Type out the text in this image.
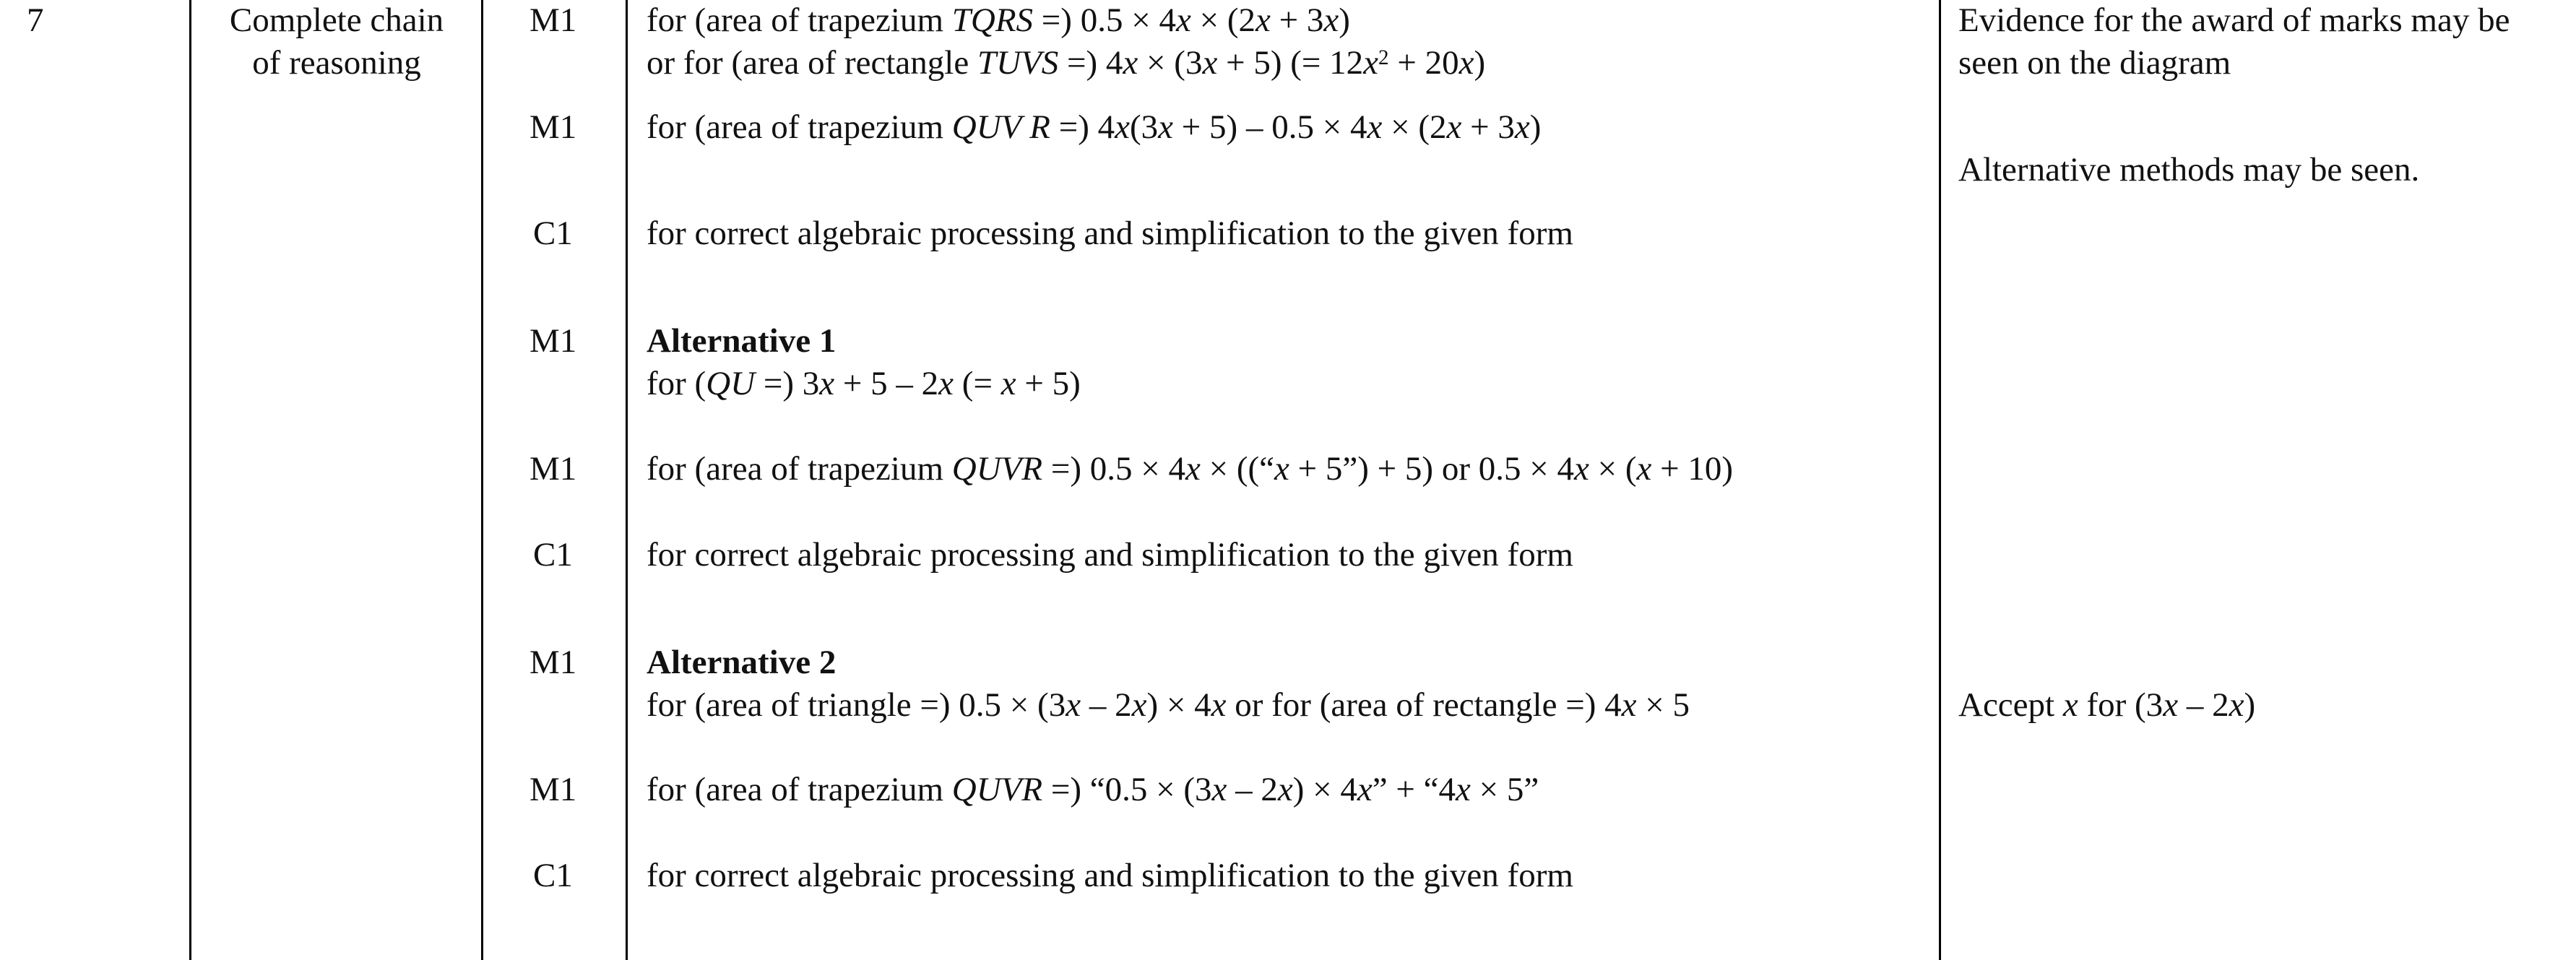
7	Complete chain
of reasoning
M1
M1
C1
M1
M1
C1
M1
M1
C1
for (area of trapezium TQRS =) 0.5 × 4x × (2x + 3x)
or for (area of rectangle TUVS =) 4x × (3x + 5) (= $12x^2 + 20x$)
for (area of trapezium QUV R =) 4x(3x + 5) – 0.5 × 4x × (2x + 3x)
for correct algebraic processing and simplification to the given form
Alternative 1
for (QU =) 3x + 5 – 2x (= x + 5)
for (area of trapezium QUVR =) 0.5 × 4x × ((“x + 5”) + 5) or 0.5 × 4x × (x + 10)
for correct algebraic processing and simplification to the given form
Alternative 2
for (area of triangle =) 0.5 × (3x – 2x) × 4x or for (area of rectangle =) 4x × 5
for (area of trapezium QUVR =) “0.5 × (3x – 2x) × 4x” + “4x × 5”
for correct algebraic processing and simplification to the given form
Evidence for the award of marks may be
seen on the diagram
Alternative methods may be seen.
Accept x for (3x – 2x)
